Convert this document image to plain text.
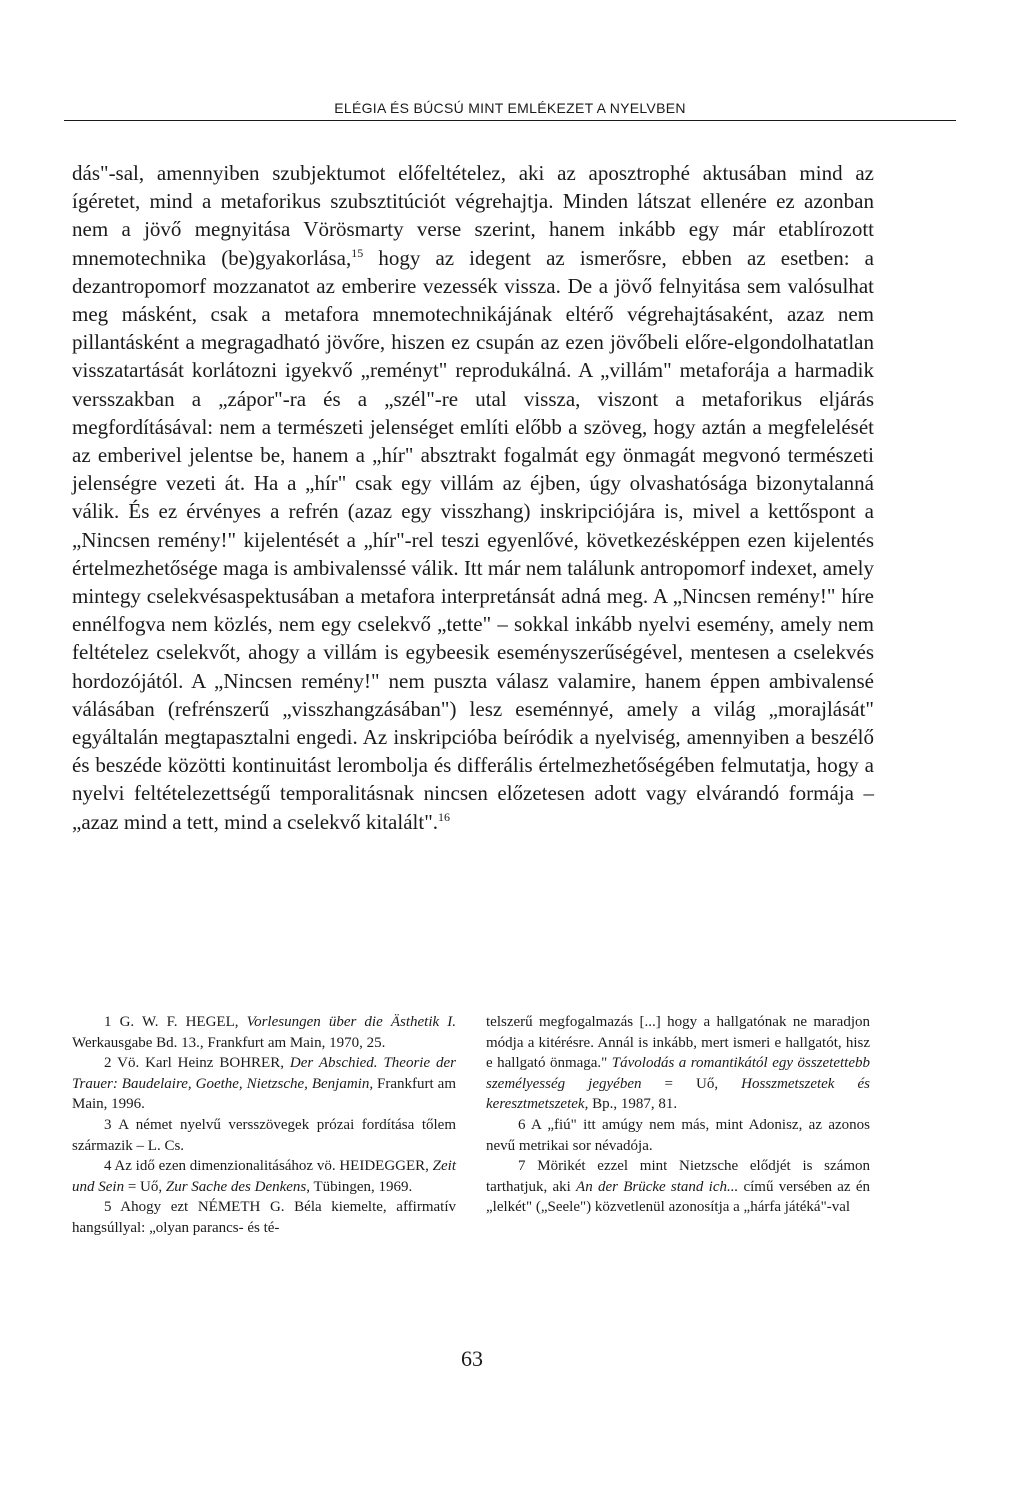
ELÉGIA ÉS BÚCSÚ MINT EMLÉKEZET A NYELVBEN

dás"-sal, amennyiben szubjektumot előfeltételez, aki az aposztrophé aktusában mind az ígéretet, mind a metaforikus szubsztitúciót végrehajtja. Minden látszat ellenére ez azonban nem a jövő megnyitása Vörösmarty verse szerint, hanem inkább egy már etablírozott mnemotechnika (be)gyakorlása,$^{15}$ hogy az idegent az ismerősre, ebben az esetben: a dezantropomorf mozzanatot az emberire vezessék vissza. De a jövő felnyitása sem valósulhat meg másként, csak a metafora mnemotechnikájának eltérő végrehajtásaként, azaz nem pillantásként a megragadható jövőre, hiszen ez csupán az ezen jövőbeli előre-elgondolhatatlan visszatartását korlátozni igyekvő „reményt" reprodukálná. A „villám" metaforája a harmadik versszakban a „zápor"-ra és a „szél"-re utal vissza, viszont a metaforikus eljárás megfordításával: nem a természeti jelenséget említi előbb a szöveg, hogy aztán a megfelelését az emberivel jelentse be, hanem a „hír" absztrakt fogalmát egy önmagát megvonó természeti jelenségre vezeti át. Ha a „hír" csak egy villám az éjben, úgy olvashatósága bizonytalanná válik. És ez érvényes a refrén (azaz egy visszhang) inskripciójára is, mivel a kettőspont a „Nincsen remény!" kijelentését a „hír"-rel teszi egyenlővé, következésképpen ezen kijelentés értelmezhetősége maga is ambivalenssé válik. Itt már nem találunk antropomorf indexet, amely mintegy cselekvésaspektusában a metafora interpretánsát adná meg. A „Nincsen remény!" híre ennélfogva nem közlés, nem egy cselekvő „tette" – sokkal inkább nyelvi esemény, amely nem feltételez cselekvőt, ahogy a villám is egybeesik eseményszerűségével, mentesen a cselekvés hordozójától. A „Nincsen remény!" nem puszta válasz valamire, hanem éppen ambivalensé válásában (refrénszerű „visszhangzásában") lesz eseménnyé, amely a világ „morajlását" egyáltalán megtapasztalni engedi. Az inskripcióba beíródik a nyelviség, amennyiben a beszélő és beszéde közötti kontinuitást lerombolja és differális értelmezhetőségében felmutatja, hogy a nyelvi feltételezettségű temporalitásnak nincsen előzetesen adott vagy elvárandó formája – „azaz mind a tett, mind a cselekvő kitalált".$^{16}$

1 G. W. F. HEGEL, Vorlesungen über die Ästhetik I. Werkausgabe Bd. 13., Frankfurt am Main, 1970, 25.

2 Vö. Karl Heinz BOHRER, Der Abschied. Theorie der Trauer: Baudelaire, Goethe, Nietzsche, Benjamin, Frankfurt am Main, 1996.

3 A német nyelvű versszövegek prózai fordítása tőlem származik – L. Cs.

4 Az idő ezen dimenzionalitásához vö. HEIDEGGER, Zeit und Sein = Uő, Zur Sache des Denkens, Tübingen, 1969.

5 Ahogy ezt NÉMETH G. Béla kiemelte, affirmatív hangsúllyal: „olyan parancs- és té-

telszerű megfogalmazás [...] hogy a hallgatónak ne maradjon módja a kitérésre. Annál is inkább, mert ismeri e hallgatót, hisz e hallgató önmaga." Távolodás a romantikától egy összetettebb személyesség jegyében = Uő, Hosszmetszetek és keresztmetszetek, Bp., 1987, 81.

6 A „fiú" itt amúgy nem más, mint Adonisz, az azonos nevű metrikai sor névadója.

7 Mörikét ezzel mint Nietzsche elődjét is számon tarthatjuk, aki An der Brücke stand ich... című versében az én „lelkét" („Seele") közvetlenül azonosítja a „hárfa játéká"-val

63
